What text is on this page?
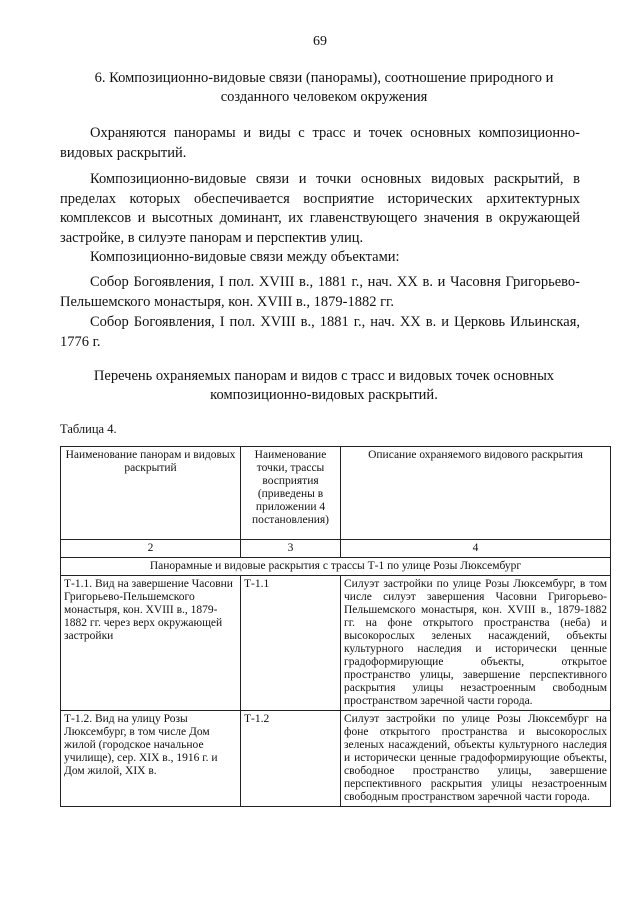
69
6. Композиционно-видовые связи (панорамы), соотношение природного и
созданного человеком окружения

Охраняются панорамы и виды с трасс и точек основных композиционно-видовых раскрытий.

Композиционно-видовые связи и точки основных видовых раскрытий, в пределах которых обеспечивается восприятие исторических архитектурных комплексов и высотных доминант, их главенствующего значения в окружающей застройке, в силуэте панорам и перспектив улиц.

Композиционно-видовые связи между объектами:

Собор Богоявления, I пол. XVIII в., 1881 г., нач. XX в. и Часовня Григорьево-Пельшемского монастыря, кон. XVIII в., 1879-1882 гг.

Собор Богоявления, I пол. XVIII в., 1881 г., нач. XX в. и Церковь Ильинская, 1776 г.

Перечень охраняемых панорам и видов с трасс и видовых точек основных
композиционно-видовых раскрытий.
Таблица 4.
Наименование панорам и видовых раскрытий	Наименование точки, трассы восприятия (приведены в приложении 4 постановления)	Описание охраняемого видового раскрытия
2	3	4
Панорамные и видовые раскрытия с трассы Т-1 по улице Розы Люксембург		
Т-1.1. Вид на завершение Часовни Григорьево-Пельшемского монастыря, кон. XVIII в., 1879-1882 гг. через верх окружающей застройки	Т-1.1	Силуэт застройки по улице Розы Люксембург, в том числе силуэт завершения Часовни Григорьево-Пельшемского монастыря, кон. XVIII в., 1879-1882 гг. на фоне открытого пространства (неба) и высокорослых зеленых насаждений, объекты культурного наследия и исторически ценные градоформирующие объекты, открытое пространство улицы, завершение перспективного раскрытия улицы незастроенным свободным пространством заречной части города.
Т-1.2. Вид на улицу Розы Люксембург, в том числе Дом жилой (городское начальное училище), сер. XIX в., 1916 г. и Дом жилой, XIX в.	Т-1.2	Силуэт застройки по улице Розы Люксембург на фоне открытого пространства и высокорослых зеленых насаждений, объекты культурного наследия и исторически ценные градоформирующие объекты, свободное пространство улицы, завершение перспективного раскрытия улицы незастроенным свободным пространством заречной части города.
